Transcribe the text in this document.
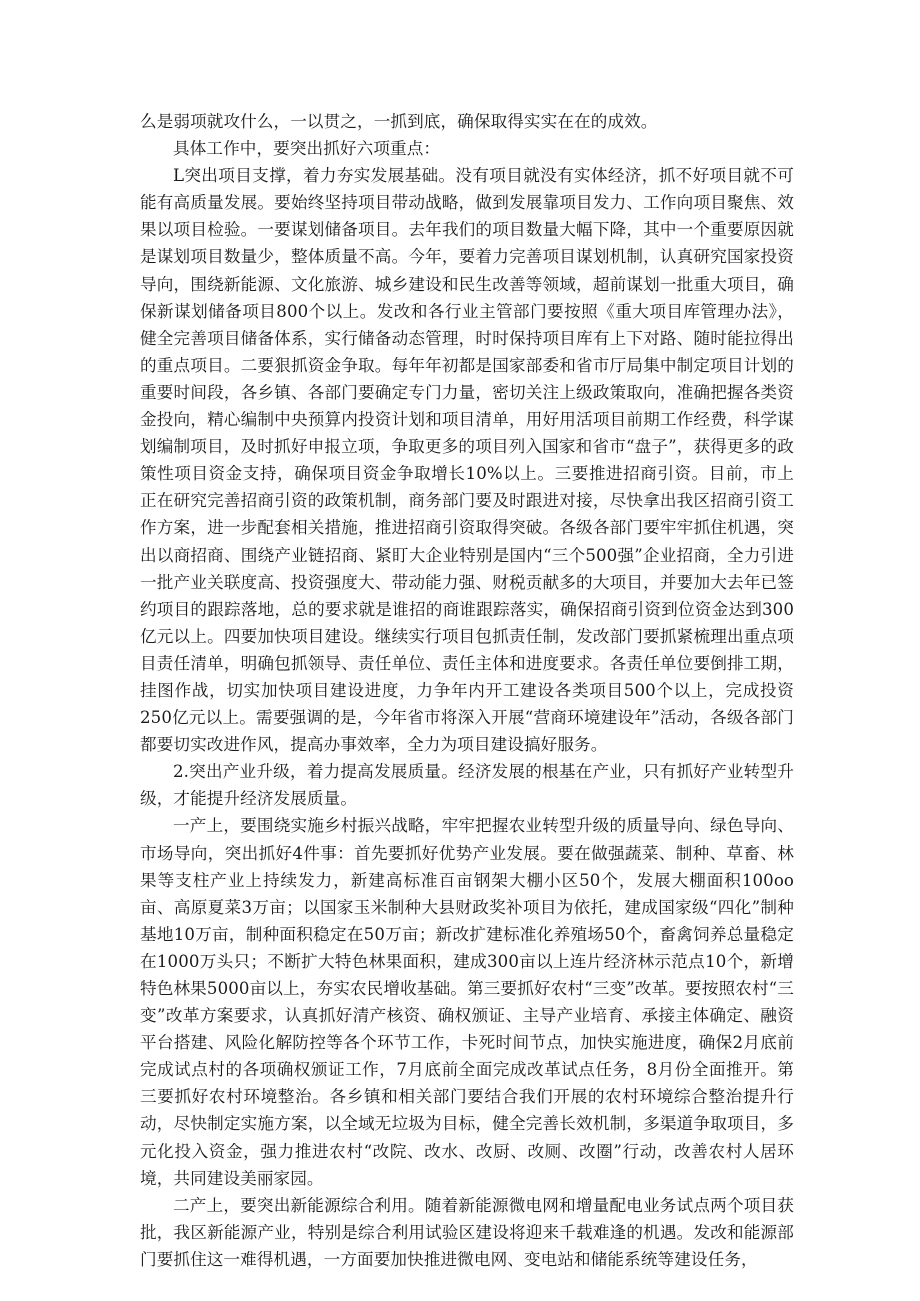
么是弱项就攻什么，一以贯之，一抓到底，确保取得实实在在的成效。

具体工作中，要突出抓好六项重点：

L突出项目支撑，着力夯实发展基础。没有项目就没有实体经济，抓不好项目就不可能有高质量发展。要始终坚持项目带动战略，做到发展靠项目发力、工作向项目聚焦、效果以项目检验。一要谋划储备项目。去年我们的项目数量大幅下降，其中一个重要原因就是谋划项目数量少，整体质量不高。今年，要着力完善项目谋划机制，认真研究国家投资导向，围绕新能源、文化旅游、城乡建设和民生改善等领域，超前谋划一批重大项目，确保新谋划储备项目800个以上。发改和各行业主管部门要按照《重大项目库管理办法》，健全完善项目储备体系，实行储备动态管理，时时保持项目库有上下对路、随时能拉得出的重点项目。二要狠抓资金争取。每年年初都是国家部委和省市厅局集中制定项目计划的重要时间段，各乡镇、各部门要确定专门力量，密切关注上级政策取向，准确把握各类资金投向，精心编制中央预算内投资计划和项目清单，用好用活项目前期工作经费，科学谋划编制项目，及时抓好申报立项，争取更多的项目列入国家和省市“盘子”，获得更多的政策性项目资金支持，确保项目资金争取增长10%以上。三要推进招商引资。目前，市上正在研究完善招商引资的政策机制，商务部门要及时跟进对接，尽快拿出我区招商引资工作方案，进一步配套相关措施，推进招商引资取得突破。各级各部门要牢牢抓住机遇，突出以商招商、围绕产业链招商、紧盯大企业特别是国内“三个500强”企业招商，全力引进一批产业关联度高、投资强度大、带动能力强、财税贡献多的大项目，并要加大去年已签约项目的跟踪落地，总的要求就是谁招的商谁跟踪落实，确保招商引资到位资金达到300亿元以上。四要加快项目建设。继续实行项目包抓责任制，发改部门要抓紧梳理出重点项目责任清单，明确包抓领导、责任单位、责任主体和进度要求。各责任单位要倒排工期，挂图作战，切实加快项目建设进度，力争年内开工建设各类项目500个以上，完成投资250亿元以上。需要强调的是，今年省市将深入开展“营商环境建设年”活动，各级各部门都要切实改进作风，提高办事效率，全力为项目建设搞好服务。

2.突出产业升级，着力提高发展质量。经济发展的根基在产业，只有抓好产业转型升级，才能提升经济发展质量。

一产上，要围绕实施乡村振兴战略，牢牢把握农业转型升级的质量导向、绿色导向、市场导向，突出抓好4件事：首先要抓好优势产业发展。要在做强蔬菜、制种、草畜、林果等支柱产业上持续发力，新建高标准百亩钢架大棚小区50个，发展大棚面积100oo亩、高原夏菜3万亩；以国家玉米制种大县财政奖补项目为依托，建成国家级“四化”制种基地10万亩，制种面积稳定在50万亩；新改扩建标准化养殖场50个，畜禽饲养总量稳定在1000万头只；不断扩大特色林果面积，建成300亩以上连片经济林示范点10个，新增特色林果5000亩以上，夯实农民增收基础。第三要抓好农村“三变”改革。要按照农村“三变”改革方案要求，认真抓好清产核资、确权颁证、主导产业培育、承接主体确定、融资平台搭建、风险化解防控等各个环节工作，卡死时间节点，加快实施进度，确保2月底前完成试点村的各项确权颁证工作，7月底前全面完成改革试点任务，8月份全面推开。第三要抓好农村环境整治。各乡镇和相关部门要结合我们开展的农村环境综合整治提升行动，尽快制定实施方案，以全域无垃圾为目标，健全完善长效机制，多渠道争取项目，多元化投入资金，强力推进农村“改院、改水、改厨、改厕、改圈”行动，改善农村人居环境，共同建设美丽家园。

二产上，要突出新能源综合利用。随着新能源微电网和增量配电业务试点两个项目获批，我区新能源产业，特别是综合利用试验区建设将迎来千载难逢的机遇。发改和能源部门要抓住这一难得机遇，一方面要加快推进微电网、变电站和储能系统等建设任务，
